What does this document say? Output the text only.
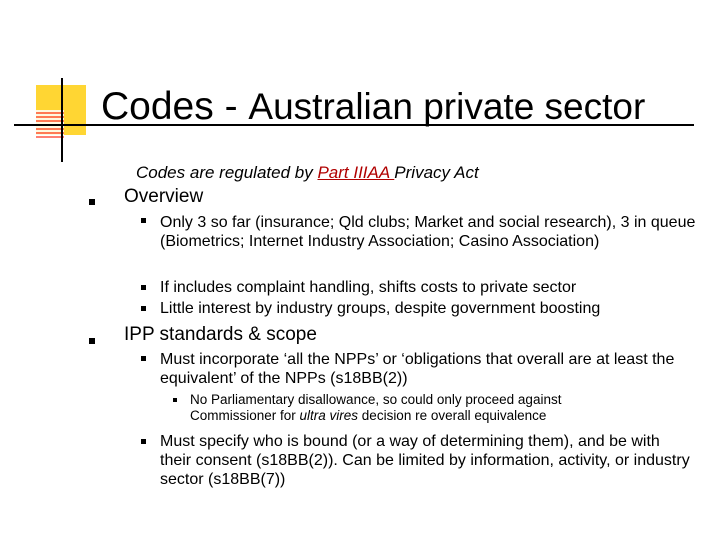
Codes - Australian private sector
Codes are regulated by Part IIIAA Privacy Act
Overview
Only 3 so far (insurance; Qld clubs; Market and social research), 3 in queue (Biometrics; Internet Industry Association; Casino Association)
If includes complaint handling, shifts costs to private sector
Little interest by industry groups, despite government boosting
IPP standards & scope
Must incorporate ‘all the NPPs’ or ‘obligations that overall are at least the equivalent’ of the NPPs (s18BB(2))
No Parliamentary disallowance, so could only proceed against Commissioner for ultra vires decision re overall equivalence
Must specify who is bound (or a way of determining them), and be with their consent (s18BB(2)). Can be limited by information, activity, or industry sector (s18BB(7))
